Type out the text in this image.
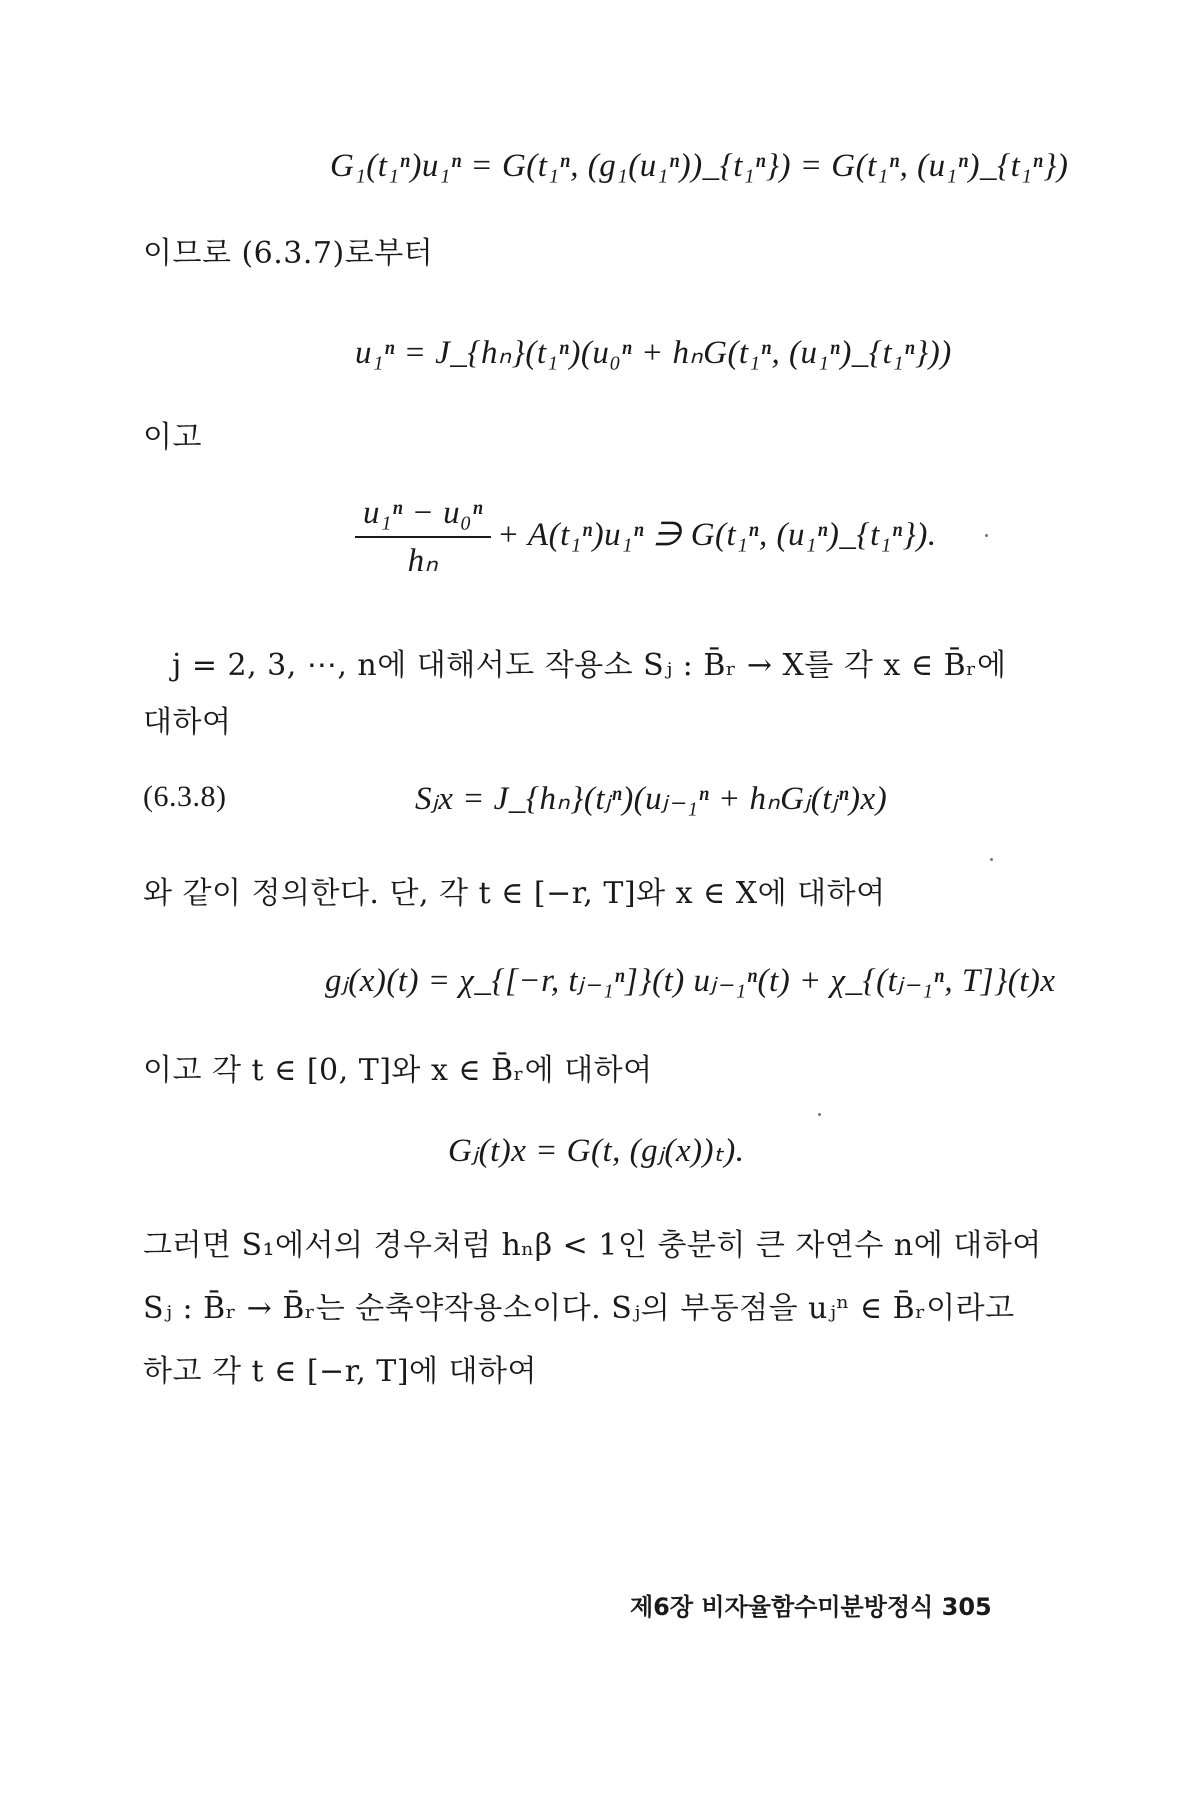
G₁(t₁ⁿ)u₁ⁿ = G(t₁ⁿ, (g₁(u₁ⁿ))_{t₁ⁿ}) = G(t₁ⁿ, (u₁ⁿ)_{t₁ⁿ})
이므로 (6.3.7)로부터
u₁ⁿ = J_{hₙ}(t₁ⁿ)(u₀ⁿ + hₙG(t₁ⁿ, (u₁ⁿ)_{t₁ⁿ}))
이고
$\frac{\text{u₁ⁿ − u₀ⁿ}}{\text{hₙ}} + A(t_1^n)u_1^n$ ∋ G(t₁ⁿ, (u₁ⁿ)_{t₁ⁿ}).
j = 2, 3, ⋯, n에 대해서도 작용소 Sⱼ : B̄ᵣ → X를 각 x ∈ B̄ᵣ에
대하여
(6.3.8)	Sⱼx = J_{hₙ}(tⱼⁿ)(uⱼ₋₁ⁿ + hₙGⱼ(tⱼⁿ)x)
와 같이 정의한다. 단, 각 t ∈ [−r, T]와 x ∈ X에 대하여
gⱼ(x)(t) = χ_{[−r, tⱼ₋₁ⁿ]}(t) uⱼ₋₁ⁿ(t) + χ_{(tⱼ₋₁ⁿ, T]}(t)x
이고 각 t ∈ [0, T]와 x ∈ B̄ᵣ에 대하여
Gⱼ(t)x = G(t, (gⱼ(x))ₜ).
그러면 S₁에서의 경우처럼 hₙβ < 1인 충분히 큰 자연수 n에 대하여
Sⱼ : B̄ᵣ → B̄ᵣ는 순축약작용소이다. Sⱼ의 부동점을 uⱼⁿ ∈ B̄ᵣ이라고
하고 각 t ∈ [−r, T]에 대하여
제6장 비자율함수미분방정식 305
